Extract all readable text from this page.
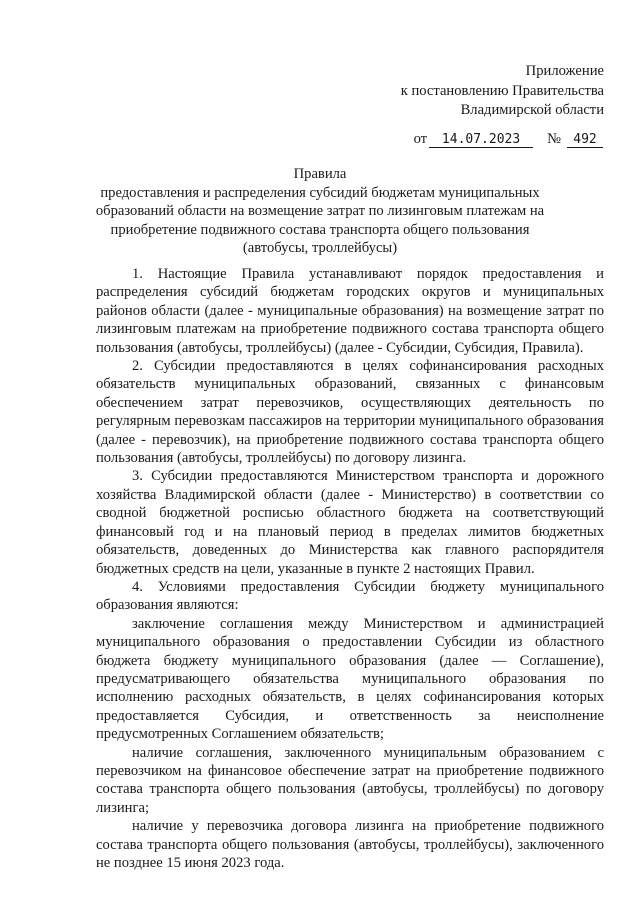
Приложение
к постановлению Правительства
Владимирской области
от 14.07.2023 № 492
Правила
предоставления и распределения субсидий бюджетам муниципальных образований области на возмещение затрат по лизинговым платежам на приобретение подвижного состава транспорта общего пользования (автобусы, троллейбусы)

1. Настоящие Правила устанавливают порядок предоставления и распределения субсидий бюджетам городских округов и муниципальных районов области (далее - муниципальные образования) на возмещение затрат по лизинговым платежам на приобретение подвижного состава транспорта общего пользования (автобусы, троллейбусы) (далее - Субсидии, Субсидия, Правила).

2. Субсидии предоставляются в целях софинансирования расходных обязательств муниципальных образований, связанных с финансовым обеспечением затрат перевозчиков, осуществляющих деятельность по регулярным перевозкам пассажиров на территории муниципального образования (далее - перевозчик), на приобретение подвижного состава транспорта общего пользования (автобусы, троллейбусы) по договору лизинга.

3. Субсидии предоставляются Министерством транспорта и дорожного хозяйства Владимирской области (далее - Министерство) в соответствии со сводной бюджетной росписью областного бюджета на соответствующий финансовый год и на плановый период в пределах лимитов бюджетных обязательств, доведенных до Министерства как главного распорядителя бюджетных средств на цели, указанные в пункте 2 настоящих Правил.

4. Условиями предоставления Субсидии бюджету муниципального образования являются:

заключение соглашения между Министерством и администрацией муниципального образования о предоставлении Субсидии из областного бюджета бюджету муниципального образования (далее — Соглашение), предусматривающего обязательства муниципального образования по исполнению расходных обязательств, в целях софинансирования которых предоставляется Субсидия, и ответственность за неисполнение предусмотренных Соглашением обязательств;

наличие соглашения, заключенного муниципальным образованием с перевозчиком на финансовое обеспечение затрат на приобретение подвижного состава транспорта общего пользования (автобусы, троллейбусы) по договору лизинга;

наличие у перевозчика договора лизинга на приобретение подвижного состава транспорта общего пользования (автобусы, троллейбусы), заключенного не позднее 15 июня 2023 года.
